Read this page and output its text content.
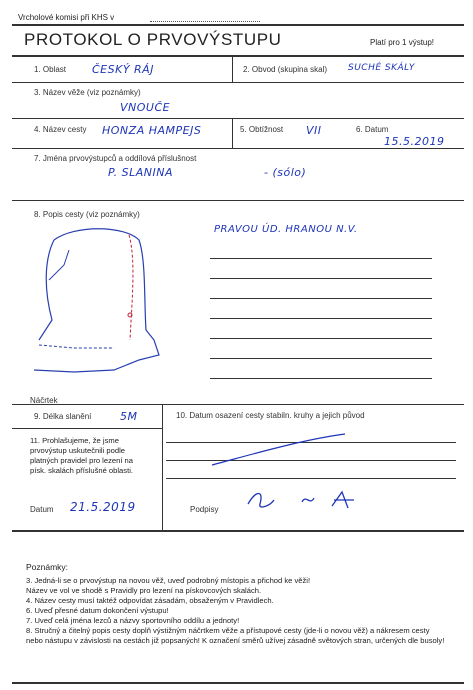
Vrcholové komisi při KHS v
PROTOKOL O PRVOVÝSTUPU	Platí pro 1 výstup!
1. Oblast ČESKÝ RÁJ	2. Obvod (skupina skal) SUCHÉ SKÁLY
3. Název věže (viz poznámky)
VNOUČE
4. Název cesty HONZA HAMPEJS	5. Obtížnost VII	6. Datum
15.5.2019
7. Jména prvovýstupců a oddílová příslušnost
P. SLANINA	- (sólo)
8. Popis cesty (viz poznámky)
PRAVOU ÚD. HRANOU N.V.
Náčrtek
9. Délka slanění	5M	10. Datum osazení cesty stabiln. kruhy a jejich původ
11. Prohlašujeme, že jsme prvovýstup uskutečnili podle platných pravidel pro lezení na písk. skalách příslušné oblasti.
Datum 21.5.2019	Podpisy
Poznámky:
3. Jedná-li se o prvovýstup na novou věž, uveď podrobný místopis a přichod ke věži!
Název ve vol ve shodě s Pravidly pro lezení na pískovcových skalách.
4. Název cesty musí taktéž odpovídat zásadám, obsaženým v Pravidlech.
6. Uveď přesné datum dokončení výstupu!
7. Uveď celá jména lezců a názvy sportovního oddílu a jednoty!
8. Stručný a čitelný popis cesty doplň výstižným náčrtkem věže a přístupové cesty (jde-li o novou věž) a nákresem cesty nebo nástupu v závislosti na cestách již popsaných! K označení směrů užívej zásadně světových stran, určených dle busoly!
